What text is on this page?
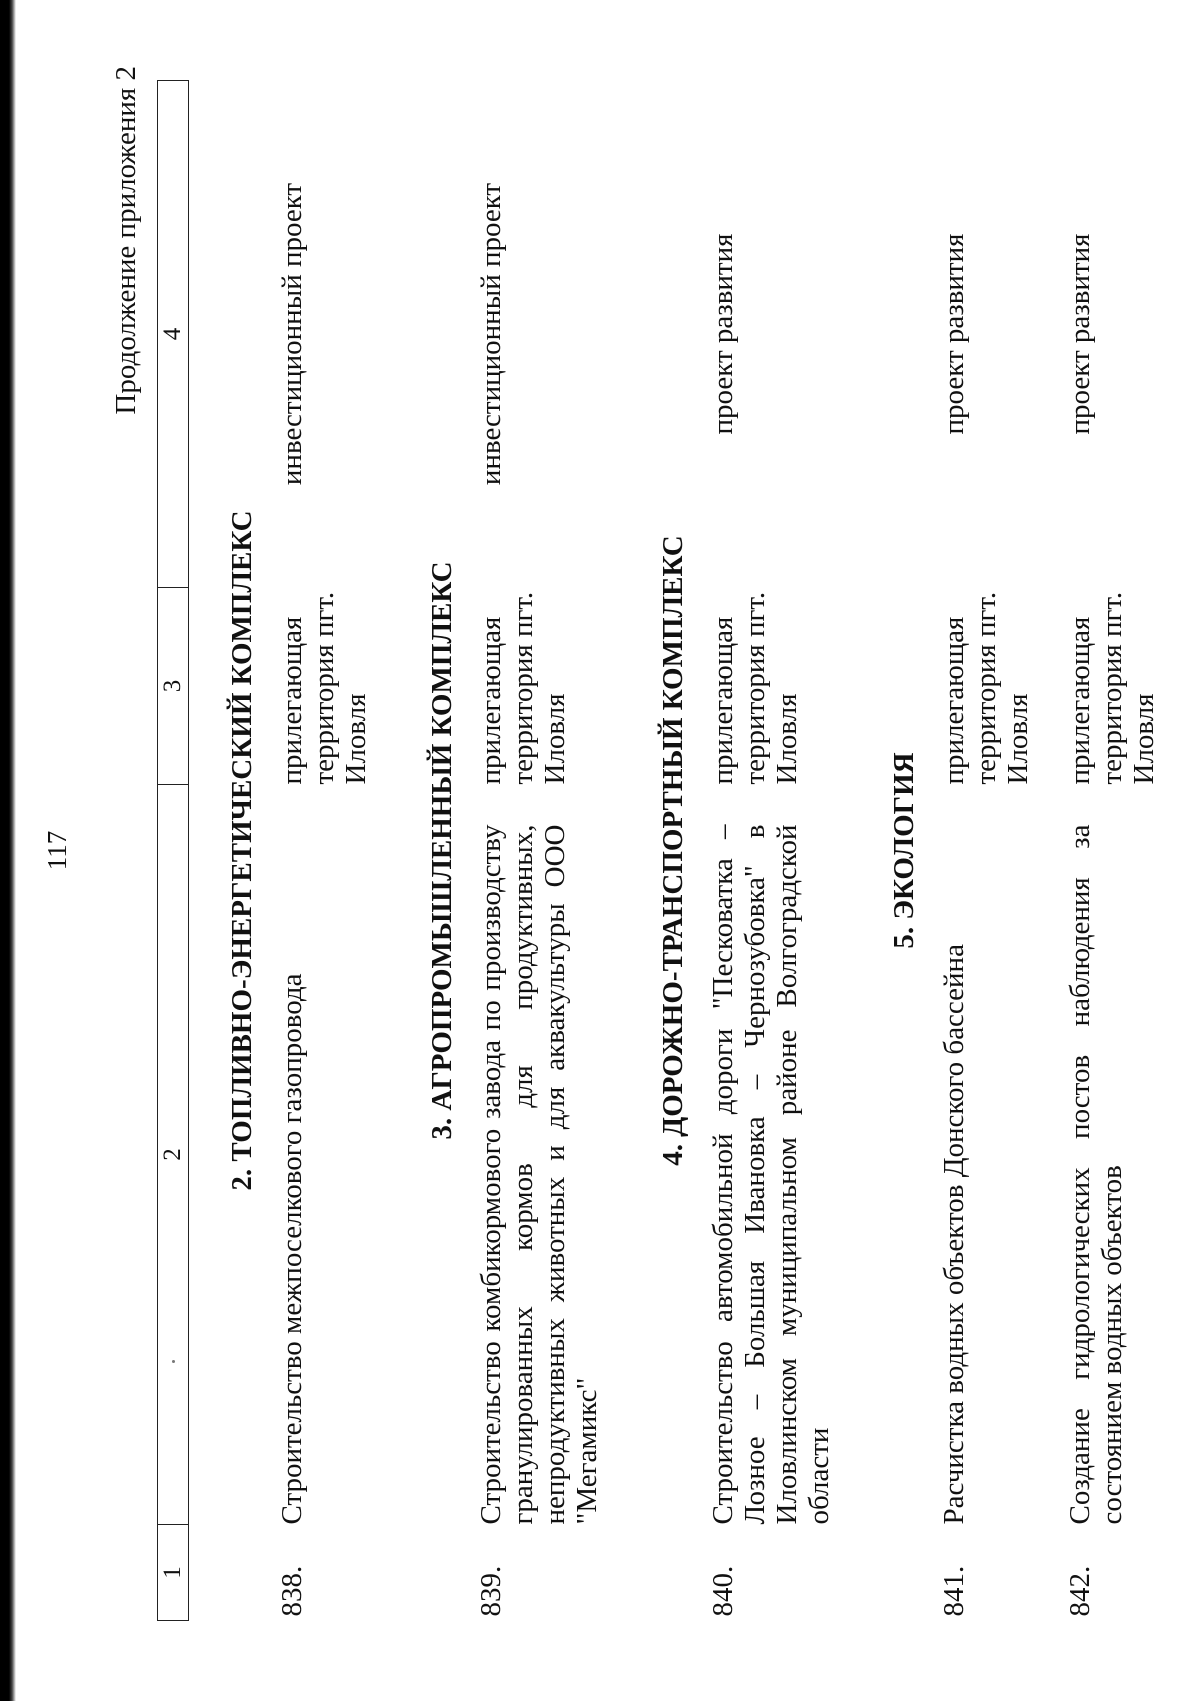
117
Продолжение приложения 2
1	2	3	4
2. ТОПЛИВНО-ЭНЕРГЕТИЧЕСКИЙ КОМПЛЕКС			
838.	Строительство межпоселкового газопровода	прилегающая территория пгт. Иловля	инвестиционный проект
3. АГРОПРОМЫШЛЕННЫЙ КОМПЛЕКС			
839.	Строительство комбикормового завода по производству гранулированных кормов для продуктивных, непродуктивных животных и для аквакультуры ООО "Мегамикс"	прилегающая территория пгт. Иловля	инвестиционный проект
4. ДОРОЖНО-ТРАНСПОРТНЫЙ КОМПЛЕКС			
840.	Строительство автомобильной дороги "Песковатка – Лозное – Большая Ивановка – Чернозубовка" в Иловлинском муниципальном районе Волгоградской области	прилегающая территория пгт. Иловля	проект развития
5. ЭКОЛОГИЯ			
841.	Расчистка водных объектов Донского бассейна	прилегающая территория пгт. Иловля	проект развития
842.	Создание гидрологических постов наблюдения за состоянием водных объектов	прилегающая территория пгт. Иловля	проект развития
